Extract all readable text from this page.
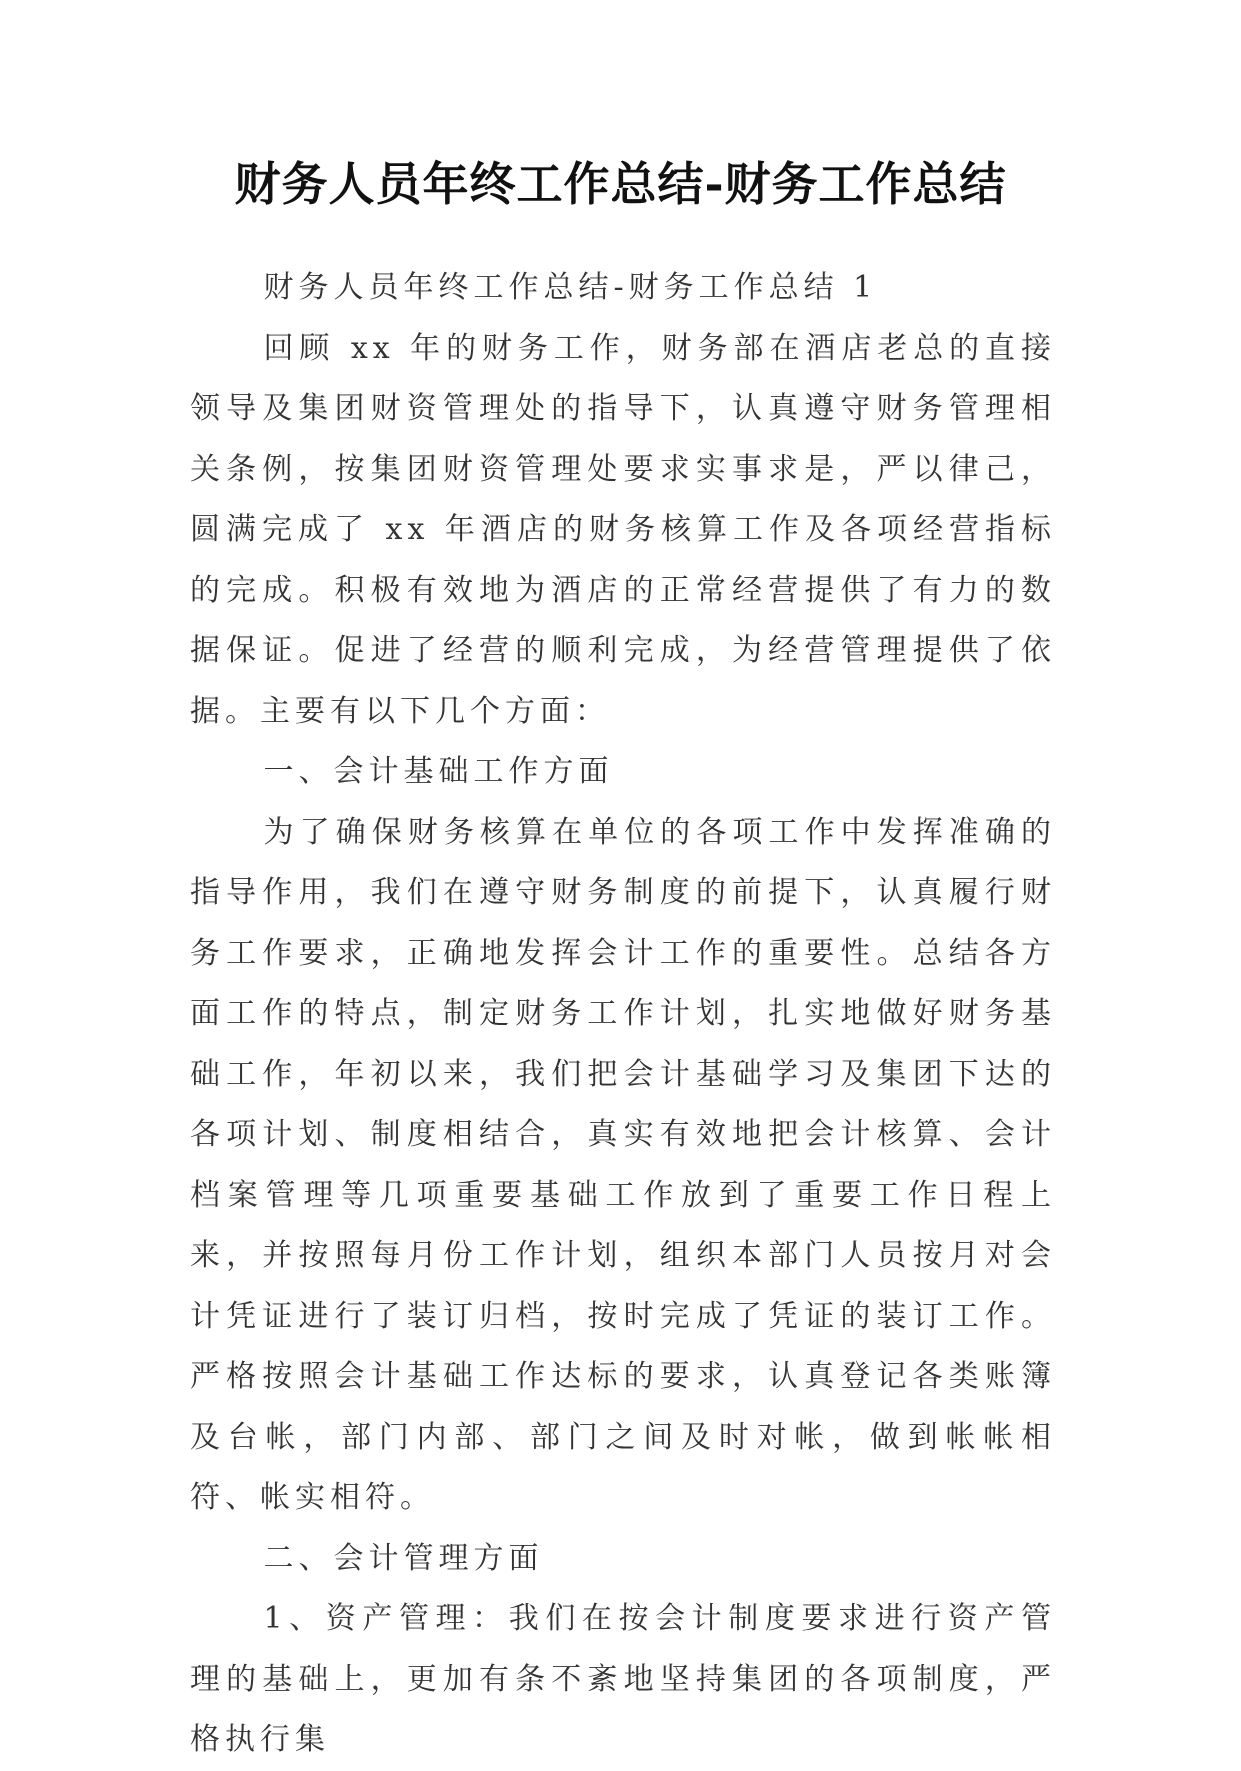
财务人员年终工作总结-财务工作总结

财务人员年终工作总结-财务工作总结 1

回顾 xx 年的财务工作，财务部在酒店老总的直接领导及集团财资管理处的指导下，认真遵守财务管理相关条例，按集团财资管理处要求实事求是，严以律己，圆满完成了 xx 年酒店的财务核算工作及各项经营指标的完成。积极有效地为酒店的正常经营提供了有力的数据保证。促进了经营的顺利完成，为经营管理提供了依据。主要有以下几个方面：

一、会计基础工作方面

为了确保财务核算在单位的各项工作中发挥准确的指导作用，我们在遵守财务制度的前提下，认真履行财务工作要求，正确地发挥会计工作的重要性。总结各方面工作的特点，制定财务工作计划，扎实地做好财务基础工作，年初以来，我们把会计基础学习及集团下达的各项计划、制度相结合，真实有效地把会计核算、会计档案管理等几项重要基础工作放到了重要工作日程上来，并按照每月份工作计划，组织本部门人员按月对会计凭证进行了装订归档，按时完成了凭证的装订工作。严格按照会计基础工作达标的要求，认真登记各类账簿及台帐，部门内部、部门之间及时对帐，做到帐帐相符、帐实相符。

二、会计管理方面

1、资产管理：我们在按会计制度要求进行资产管理的基础上，更加有条不紊地坚持集团的各项制度，严格执行集
